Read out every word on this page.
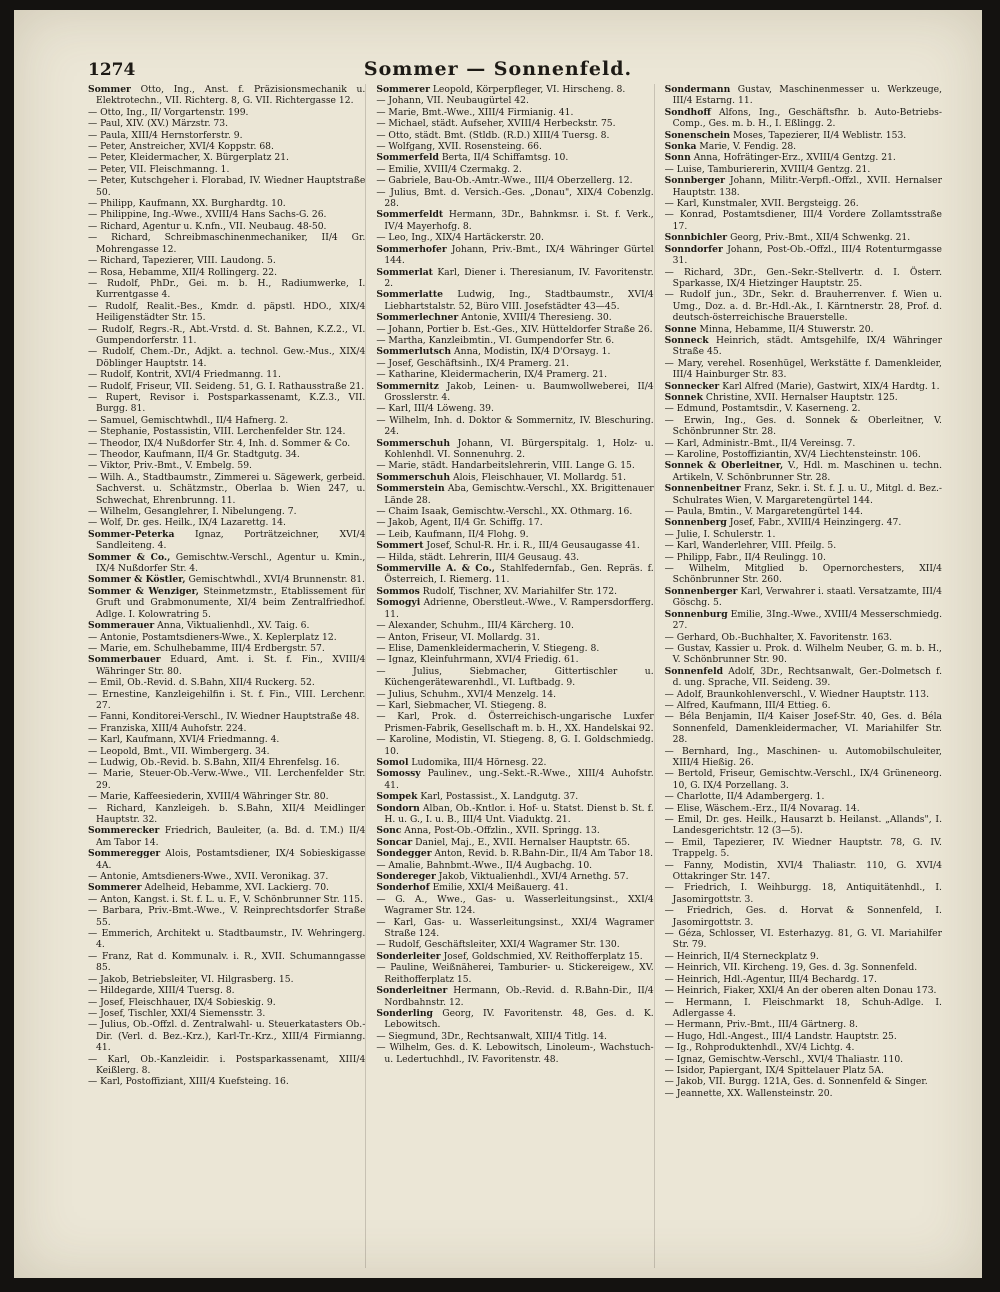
1274	Sommer — Sonnenfeld.

Sommer Otto, Ing., Anst. f. Präzisionsmechanik u. Elektrotechn., VII. Richterg. 8, G. VII. Richtergasse 12.

— Otto, Ing., II/ Vorgartenstr. 199.

— Paul, XIV. (XV.) Märzstr. 73.

— Paula, XIII/4 Hernstorferstr. 9.

— Peter, Anstreicher, XVI/4 Koppstr. 68.

— Peter, Kleidermacher, X. Bürgerplatz 21.

— Peter, VII. Fleischmanng. 1.

— Peter, Kutschgeher i. Florabad, IV. Wiedner Hauptstraße 50.

— Philipp, Kaufmann, XX. Burghardtg. 10.

— Philippine, Ing.-Wwe., XVIII/4 Hans Sachs-G. 26.

— Richard, Agentur u. K.nfn., VII. Neubaug. 48-50.

— Richard, Schreibmaschinenmechaniker, II/4 Gr. Mohrengasse 12.

— Richard, Tapezierer, VIII. Laudong. 5.

— Rosa, Hebamme, XII/4 Rollingerg. 22.

— Rudolf, PhDr., Gei. m. b. H., Radiumwerke, I. Kurrentgasse 4.

— Rudolf, Realit.-Bes., Kmdr. d. päpstl. HDO., XIX/4 Heiligenstädter Str. 15.

— Rudolf, Regrs.-R., Abt.-Vrstd. d. St. Bahnen, K.Z.2., VI. Gumpendorferstr. 11.

— Rudolf, Chem.-Dr., Adjkt. a. technol. Gew.-Mus., XIX/4 Döblinger Hauptstr. 14.

— Rudolf, Kontrit, XVI/4 Friedmanng. 11.

— Rudolf, Friseur, VII. Seideng. 51, G. I. Rathausstraße 21.

— Rupert, Revisor i. Postsparkassenamt, K.Z.3., VII. Burgg. 81.

— Samuel, Gemischtwhdl., II/4 Hafnerg. 2.

— Stephanie, Postassistin, VIII. Lerchenfelder Str. 124.

— Theodor, IX/4 Nußdorfer Str. 4, Inh. d. Sommer & Co.

— Theodor, Kaufmann, II/4 Gr. Stadtgutg. 34.

— Viktor, Priv.-Bmt., V. Embelg. 59.

— Wilh. A., Stadtbaumstr., Zimmerei u. Sägewerk, gerbeid. Sachverst. u. Schätzmstr., Oberlaa b. Wien 247, u. Schwechat, Ehrenbrunng. 11.

— Wilhelm, Gesanglehrer, I. Nibelungeng. 7.

— Wolf, Dr. ges. Heilk., IX/4 Lazarettg. 14.

Sommer-Peterka Ignaz, Porträtzeichner, XVI/4 Sandleiteng. 4.

Sommer & Co., Gemischtw.-Verschl., Agentur u. Kmin., IX/4 Nußdorfer Str. 4.

Sommer & Köstler, Gemischtwhdl., XVI/4 Brunnenstr. 81.

Sommer & Wenziger, Steinmetzmstr., Etablissement für Gruft und Grabmonumente, XI/4 beim Zentralfriedhof. Adlge. I. Kolowratring 5.

Sommerauer Anna, Viktualienhdl., XV. Taig. 6.

— Antonie, Postamtsdieners-Wwe., X. Keplerplatz 12.

— Marie, em. Schulhebamme, III/4 Erdbergstr. 57.

Sommerbauer Eduard, Amt. i. St. f. Fin., XVIII/4 Währinger Str. 80.

— Emil, Ob.-Revid. d. S.Bahn, XII/4 Ruckerg. 52.

— Ernestine, Kanzleigehilfin i. St. f. Fin., VIII. Lerchenr. 27.

— Fanni, Konditorei-Verschl., IV. Wiedner Hauptstraße 48.

— Franziska, XIII/4 Auhofstr. 224.

— Karl, Kaufmann, XVI/4 Friedmanng. 4.

— Leopold, Bmt., VII. Wimbergerg. 34.

— Ludwig, Ob.-Revid. b. S.Bahn, XII/4 Ehrenfelsg. 16.

— Marie, Steuer-Ob.-Verw.-Wwe., VII. Lerchenfelder Str. 29.

— Marie, Kaffeesiederin, XVIII/4 Währinger Str. 80.

— Richard, Kanzleigeh. b. S.Bahn, XII/4 Meidlinger Hauptstr. 32.

Sommerecker Friedrich, Bauleiter, (a. Bd. d. T.M.) II/4 Am Tabor 14.

Sommeregger Alois, Postamtsdiener, IX/4 Sobieskigasse 4A.

— Antonie, Amtsdieners-Wwe., XVII. Veronikag. 37.

Sommerer Adelheid, Hebamme, XVI. Lackierg. 70.

— Anton, Kangst. i. St. f. L. u. F., V. Schönbrunner Str. 115.

— Barbara, Priv.-Bmt.-Wwe., V. Reinprechtsdorfer Straße 55.

— Emmerich, Architekt u. Stadtbaumstr., IV. Wehringerg. 4.

— Franz, Rat d. Kommunalv. i. R., XVII. Schumanngasse 85.

— Jakob, Betriebsleiter, VI. Hilgrasberg. 15.

— Hildegarde, XIII/4 Tuersg. 8.

— Josef, Fleischhauer, IX/4 Sobieskig. 9.

— Josef, Tischler, XXI/4 Siemensstr. 3.

— Julius, Ob.-Offzl. d. Zentralwahl- u. Steuerkatasters Ob.-Dir. (Verl. d. Bez.-Krz.), Karl-Tr.-Krz., XIII/4 Firmianng. 41.

— Karl, Ob.-Kanzleidir. i. Postsparkassenamt, XIII/4 Keißlerg. 8.

— Karl, Postoffiziant, XIII/4 Kuefsteing. 16.

Sommerer Leopold, Körperpfleger, VI. Hirscheng. 8.

— Johann, VII. Neubaugürtel 42.

— Marie, Bmt.-Wwe., XIII/4 Firmianig. 41.

— Michael, städt. Aufseher, XVIII/4 Herbeckstr. 75.

— Otto, städt. Bmt. (Stldb. (R.D.) XIII/4 Tuersg. 8.

— Wolfgang, XVII. Rosensteing. 66.

Sommerfeld Berta, II/4 Schiffamtsg. 10.

— Emilie, XVIII/4 Czermakg. 2.

— Gabriele, Bau-Ob.-Amtr.-Wwe., III/4 Oberzellerg. 12.

— Julius, Bmt. d. Versich.-Ges. „Donau", XIX/4 Cobenzlg. 28.

Sommerfeldt Hermann, 3Dr., Bahnkmsr. i. St. f. Verk., IV/4 Mayerhofg. 8.

— Leo, Ing., XIX/4 Hartäckerstr. 20.

Sommerhofer Johann, Priv.-Bmt., IX/4 Währinger Gürtel 144.

Sommerlat Karl, Diener i. Theresianum, IV. Favoritenstr. 2.

Sommerlatte Ludwig, Ing., Stadtbaumstr., XVI/4 Liebhartstalstr. 52, Büro VIII. Josefstädter 43—45.

Sommerlechner Antonie, XVIII/4 Theresieng. 30.

— Johann, Portier b. Est.-Ges., XIV. Hütteldorfer Straße 26.

— Martha, Kanzleibmtin., VI. Gumpendorfer Str. 6.

Sommerlutsch Anna, Modistin, IX/4 D'Orsayg. 1.

— Josef, Geschäftsinh., IX/4 Pramerg. 21.

— Katharine, Kleidermacherin, IX/4 Pramerg. 21.

Sommernitz Jakob, Leinen- u. Baumwollweberei, II/4 Grosslerstr. 4.

— Karl, III/4 Löweng. 39.

— Wilhelm, Inh. d. Doktor & Sommernitz, IV. Bleschuring. 24.

Sommerschuh Johann, VI. Bürgerspitalg. 1, Holz- u. Kohlenhdl. VI. Sonnenuhrg. 2.

— Marie, städt. Handarbeitslehrerin, VIII. Lange G. 15.

Sommerschuh Alois, Fleischhauer, VI. Mollardg. 51.

Sommerstein Aba, Gemischtw.-Verschl., XX. Brigittenauer Lände 28.

— Chaim Isaak, Gemischtw.-Verschl., XX. Othmarg. 16.

— Jakob, Agent, II/4 Gr. Schiffg. 17.

— Leib, Kaufmann, II/4 Flohg. 9.

Sommert Josef, Schul-R. Hr. i. R., III/4 Geusaugasse 41.

— Hilda, städt. Lehrerin, III/4 Geusaug. 43.

Sommerville A. & Co., Stahlfedernfab., Gen. Repräs. f. Österreich, I. Riemerg. 11.

Sommos Rudolf, Tischner, XV. Mariahilfer Str. 172.

Somogyi Adrienne, Oberstleut.-Wwe., V. Rampersdorfferg. 11.

— Alexander, Schuhm., III/4 Kärcherg. 10.

— Anton, Friseur, VI. Mollardg. 31.

— Elise, Damenkleidermacherin, V. Stiegeng. 8.

— Ignaz, Kleinfuhrmann, XVI/4 Friedig. 61.

— Julius, Siebmacher, Gittertischler u. Küchengerätewarenhdl., VI. Luftbadg. 9.

— Julius, Schuhm., XVI/4 Menzelg. 14.

— Karl, Siebmacher, VI. Stiegeng. 8.

— Karl, Prok. d. Österreichisch-ungarische Luxfer Prismen-Fabrik, Gesellschaft m. b. H., XX. Handelskai 92.

— Karoline, Modistin, VI. Stiegeng. 8, G. I. Goldschmiedg. 10.

Somol Ludomika, III/4 Hörnesg. 22.

Somossy Paulinev., ung.-Sekt.-R.-Wwe., XIII/4 Auhofstr. 41.

Sompek Karl, Postassist., X. Landgutg. 37.

Sondorn Alban, Ob.-Kntlor. i. Hof- u. Statst. Dienst b. St. f. H. u. G., I. u. B., III/4 Unt. Viaduktg. 21.

Sonc Anna, Post-Ob.-Offzlin., XVII. Springg. 13.

Soncar Daniel, Maj., E., XVII. Hernalser Hauptstr. 65.

Sondegger Anton, Revid. b. R.Bahn-Dir., II/4 Am Tabor 18.

— Amalie, Bahnbmt.-Wwe., II/4 Augbachg. 10.

Sondereger Jakob, Viktualienhdl., XVI/4 Arnethg. 57.

Sonderhof Emilie, XXI/4 Meißauerg. 41.

— G. A., Wwe., Gas- u. Wasserleitungsinst., XXI/4 Wagramer Str. 124.

— Karl, Gas- u. Wasserleitungsinst., XXI/4 Wagramer Straße 124.

— Rudolf, Geschäftsleiter, XXI/4 Wagramer Str. 130.

Sonderleiter Josef, Goldschmied, XV. Reithofferplatz 15.

— Pauline, Weißnäherei, Tamburier- u. Stickereigew., XV. Reithofferplatz 15.

Sonderleitner Hermann, Ob.-Revid. d. R.Bahn-Dir., II/4 Nordbahnstr. 12.

Sonderling Georg, IV. Favoritenstr. 48, Ges. d. K. Lebowitsch.

— Siegmund, 3Dr., Rechtsanwalt, XIII/4 Titlg. 14.

— Wilhelm, Ges. d. K. Lebowitsch, Linoleum-, Wachstuch- u. Ledertuchhdl., IV. Favoritenstr. 48.

Sondermann Gustav, Maschinenmesser u. Werkzeuge, III/4 Estarng. 11.

Sondhoff Alfons, Ing., Geschäftsfhr. b. Auto-Betriebs-Comp., Ges. m. b. H., I. Eßlingg. 2.

Sonenschein Moses, Tapezierer, II/4 Weblistr. 153.

Sonka Marie, V. Fendig. 28.

Sonn Anna, Hofrätinger-Erz., XVIII/4 Gentzg. 21.

— Luise, Tamburiererin, XVIII/4 Gentzg. 21.

Sonnberger Johann, Militr.-Verpfl.-Offzl., XVII. Hernalser Hauptstr. 138.

— Karl, Kunstmaler, XVII. Bergsteigg. 26.

— Konrad, Postamtsdiener, III/4 Vordere Zollamtsstraße 17.

Sonnbichler Georg, Priv.-Bmt., XII/4 Schwenkg. 21.

Sonndorfer Johann, Post-Ob.-Offzl., III/4 Rotenturmgasse 31.

— Richard, 3Dr., Gen.-Sekr.-Stellvertr. d. I. Österr. Sparkasse, IX/4 Hietzinger Hauptstr. 25.

— Rudolf jun., 3Dr., Sekr. d. Brauherrenver. f. Wien u. Umg., Doz. a. d. Br.-Hdl.-Ak., I. Kärntnerstr. 28, Prof. d. deutsch-österreichische Brauerstelle.

Sonne Minna, Hebamme, II/4 Stuwerstr. 20.

Sonneck Heinrich, städt. Amtsgehilfe, IX/4 Währinger Straße 45.

— Mary, verehel. Rosenhügel, Werkstätte f. Damenkleider, III/4 Hainburger Str. 83.

Sonnecker Karl Alfred (Marie), Gastwirt, XIX/4 Hardtg. 1.

Sonnek Christine, XVII. Hernalser Hauptstr. 125.

— Edmund, Postamtsdir., V. Kaserneng. 2.

— Erwin, Ing., Ges. d. Sonnek & Oberleitner, V. Schönbrunner Str. 28.

— Karl, Administr.-Bmt., II/4 Vereinsg. 7.

— Karoline, Postoffiziantin, XV/4 Liechtensteinstr. 106.

Sonnek & Oberleitner, V., Hdl. m. Maschinen u. techn. Artikeln, V. Schönbrunner Str. 28.

Sonnenbeitner Franz, Sekr. i. St. f. J. u. U., Mitgl. d. Bez.-Schulrates Wien, V. Margaretengürtel 144.

— Paula, Bmtin., V. Margaretengürtel 144.

Sonnenberg Josef, Fabr., XVIII/4 Heinzingerg. 47.

— Julie, I. Schulerstr. 1.

— Karl, Wanderlehrer, VIII. Pfeilg. 5.

— Philipp, Fabr., II/4 Reulingg. 10.

— Wilhelm, Mitglied b. Opernorchesters, XII/4 Schönbrunner Str. 260.

Sonnenberger Karl, Verwahrer i. staatl. Versatzamte, III/4 Göschg. 5.

Sonnenburg Emilie, 3Ing.-Wwe., XVIII/4 Messerschmiedg. 27.

— Gerhard, Ob.-Buchhalter, X. Favoritenstr. 163.

— Gustav, Kassier u. Prok. d. Wilhelm Neuber, G. m. b. H., V. Schönbrunner Str. 90.

Sonnenfeld Adolf, 3Dr., Rechtsanwalt, Ger.-Dolmetsch f. d. ung. Sprache, VII. Seideng. 39.

— Adolf, Braunkohlenverschl., V. Wiedner Hauptstr. 113.

— Alfred, Kaufmann, III/4 Ettieg. 6.

— Béla Benjamin, II/4 Kaiser Josef-Str. 40, Ges. d. Béla Sonnenfeld, Damenkleidermacher, VI. Mariahilfer Str. 28.

— Bernhard, Ing., Maschinen- u. Automobilschuleiter, XIII/4 Hießig. 26.

— Bertold, Friseur, Gemischtw.-Verschl., IX/4 Grüneneorg. 10, G. IX/4 Porzellang. 3.

— Charlotte, II/4 Adambergerg. 1.

— Elise, Wäschem.-Erz., II/4 Novarag. 14.

— Emil, Dr. ges. Heilk., Hausarzt b. Heilanst. „Allands", I. Landesgerichtstr. 12 (3—5).

— Emil, Tapezierer, IV. Wiedner Hauptstr. 78, G. IV. Trappelg. 5.

— Fanny, Modistin, XVI/4 Thaliastr. 110, G. XVI/4 Ottakringer Str. 147.

— Friedrich, I. Weihburgg. 18, Antiquitätenhdl., I. Jasomirgottstr. 3.

— Friedrich, Ges. d. Horvat & Sonnenfeld, I. Jasomirgottstr. 3.

— Géza, Schlosser, VI. Esterhazyg. 81, G. VI. Mariahilfer Str. 79.

— Heinrich, II/4 Sterneckplatz 9.

— Heinrich, VII. Kircheng. 19, Ges. d. 3g. Sonnenfeld.

— Heinrich, Hdl.-Agentur, III/4 Bechardg. 17.

— Heinrich, Fiaker, XXI/4 An der oberen alten Donau 173.

— Hermann, I. Fleischmarkt 18, Schuh-Adlge. I. Adlergasse 4.

— Hermann, Priv.-Bmt., III/4 Gärtnerg. 8.

— Hugo, Hdl.-Angest., III/4 Landstr. Hauptstr. 25.

— Ig., Rohproduktenhdl., XV/4 Lichtg. 4.

— Ignaz, Gemischtw.-Verschl., XVI/4 Thaliastr. 110.

— Isidor, Papiergant, IX/4 Spittelauer Platz 5A.

— Jakob, VII. Burgg. 121A, Ges. d. Sonnenfeld & Singer.

— Jeannette, XX. Wallensteinstr. 20.
